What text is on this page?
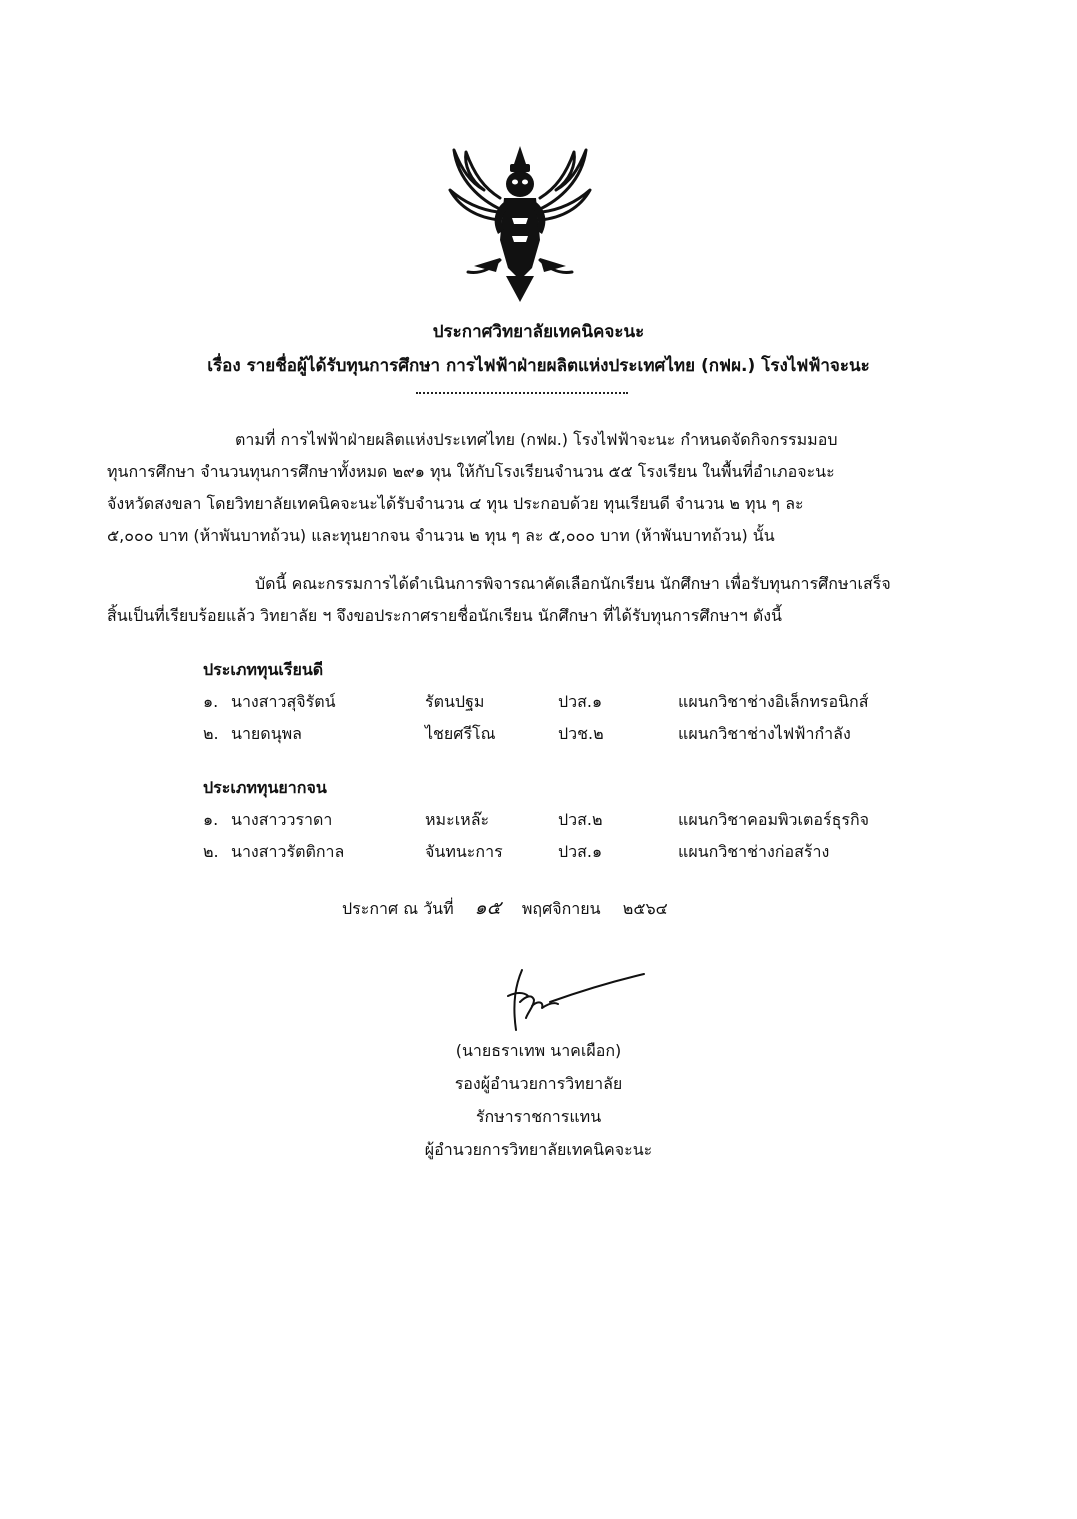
ประกาศวิทยาลัยเทคนิคจะนะ
เรื่อง รายชื่อผู้ได้รับทุนการศึกษา การไฟฟ้าฝ่ายผลิตแห่งประเทศไทย (กฟผ.) โรงไฟฟ้าจะนะ
ตามที่ การไฟฟ้าฝ่ายผลิตแห่งประเทศไทย (กฟผ.) โรงไฟฟ้าจะนะ กำหนดจัดกิจกรรมมอบ
ทุนการศึกษา จำนวนทุนการศึกษาทั้งหมด ๒๙๑ ทุน ให้กับโรงเรียนจำนวน ๕๕ โรงเรียน ในพื้นที่อำเภอจะนะ
จังหวัดสงขลา โดยวิทยาลัยเทคนิคจะนะได้รับจำนวน ๔ ทุน ประกอบด้วย ทุนเรียนดี จำนวน ๒ ทุน ๆ ละ
๕,๐๐๐ บาท (ห้าพันบาทถ้วน) และทุนยากจน จำนวน ๒ ทุน ๆ ละ ๕,๐๐๐ บาท (ห้าพันบาทถ้วน) นั้น
บัดนี้ คณะกรรมการได้ดำเนินการพิจารณาคัดเลือกนักเรียน นักศึกษา เพื่อรับทุนการศึกษาเสร็จ
สิ้นเป็นที่เรียบร้อยแล้ว วิทยาลัย ฯ จึงขอประกาศรายชื่อนักเรียน นักศึกษา ที่ได้รับทุนการศึกษาฯ ดังนี้
ประเภททุนเรียนดี
๑. นางสาวสุจิรัตน์	รัตนปฐม	ปวส.๑	แผนกวิชาช่างอิเล็กทรอนิกส์
๒. นายดนุพล	ไชยศรีโณ	ปวช.๒	แผนกวิชาช่างไฟฟ้ากำลัง
ประเภททุนยากจน
๑. นางสาววราดา	หมะเหล๊ะ	ปวส.๒	แผนกวิชาคอมพิวเตอร์ธุรกิจ
๒. นางสาวรัตติกาล	จันทนะการ	ปวส.๑	แผนกวิชาช่างก่อสร้าง
ประกาศ ณ วันที่ ๑๕ พฤศจิกายน ๒๕๖๔
(นายธราเทพ นาคเผือก)
รองผู้อำนวยการวิทยาลัย
รักษาราชการแทน
ผู้อำนวยการวิทยาลัยเทคนิคจะนะ
